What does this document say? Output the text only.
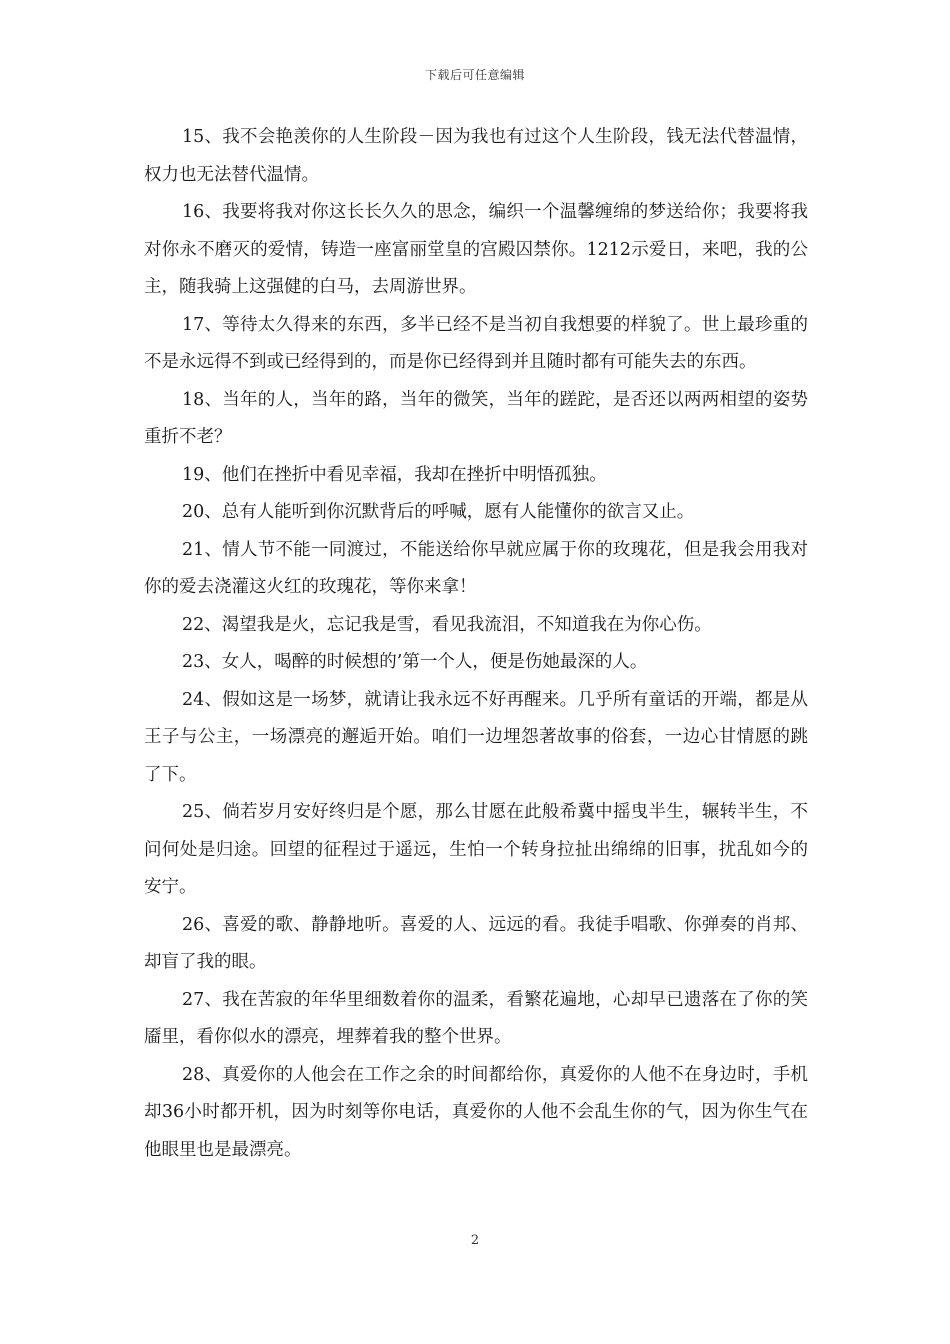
下载后可任意编辑

15、我不会艳羡你的人生阶段－因为我也有过这个人生阶段，钱无法代替温情，权力也无法替代温情。

16、我要将我对你这长长久久的思念，编织一个温馨缠绵的梦送给你；我要将我对你永不磨灭的爱情，铸造一座富丽堂皇的宫殿囚禁你。1212示爱日，来吧，我的公主，随我骑上这强健的白马，去周游世界。

17、等待太久得来的东西，多半已经不是当初自我想要的样貌了。世上最珍重的不是永远得不到或已经得到的，而是你已经得到并且随时都有可能失去的东西。

18、当年的人，当年的路，当年的微笑，当年的蹉跎，是否还以两两相望的姿势重折不老？

19、他们在挫折中看见幸福，我却在挫折中明悟孤独。

20、总有人能听到你沉默背后的呼喊，愿有人能懂你的欲言又止。

21、情人节不能一同渡过，不能送给你早就应属于你的玫瑰花，但是我会用我对你的爱去浇灌这火红的玫瑰花，等你来拿！

22、渴望我是火，忘记我是雪，看见我流泪，不知道我在为你心伤。

23、女人，喝醉的时候想的’第一个人，便是伤她最深的人。

24、假如这是一场梦，就请让我永远不好再醒来。几乎所有童话的开端，都是从王子与公主，一场漂亮的邂逅开始。咱们一边埋怨著故事的俗套，一边心甘情愿的跳了下。

25、倘若岁月安好终归是个愿，那么甘愿在此般希冀中摇曳半生，辗转半生，不问何处是归途。回望的征程过于遥远，生怕一个转身拉扯出绵绵的旧事，扰乱如今的安宁。

26、喜爱的歌、静静地听。喜爱的人、远远的看。我徒手唱歌、你弹奏的肖邦、却盲了我的眼。

27、我在苦寂的年华里细数着你的温柔，看繁花遍地，心却早已遗落在了你的笑靥里，看你似水的漂亮，埋葬着我的整个世界。

28、真爱你的人他会在工作之余的时间都给你，真爱你的人他不在身边时，手机却36小时都开机，因为时刻等你电话，真爱你的人他不会乱生你的气，因为你生气在他眼里也是最漂亮。

2
